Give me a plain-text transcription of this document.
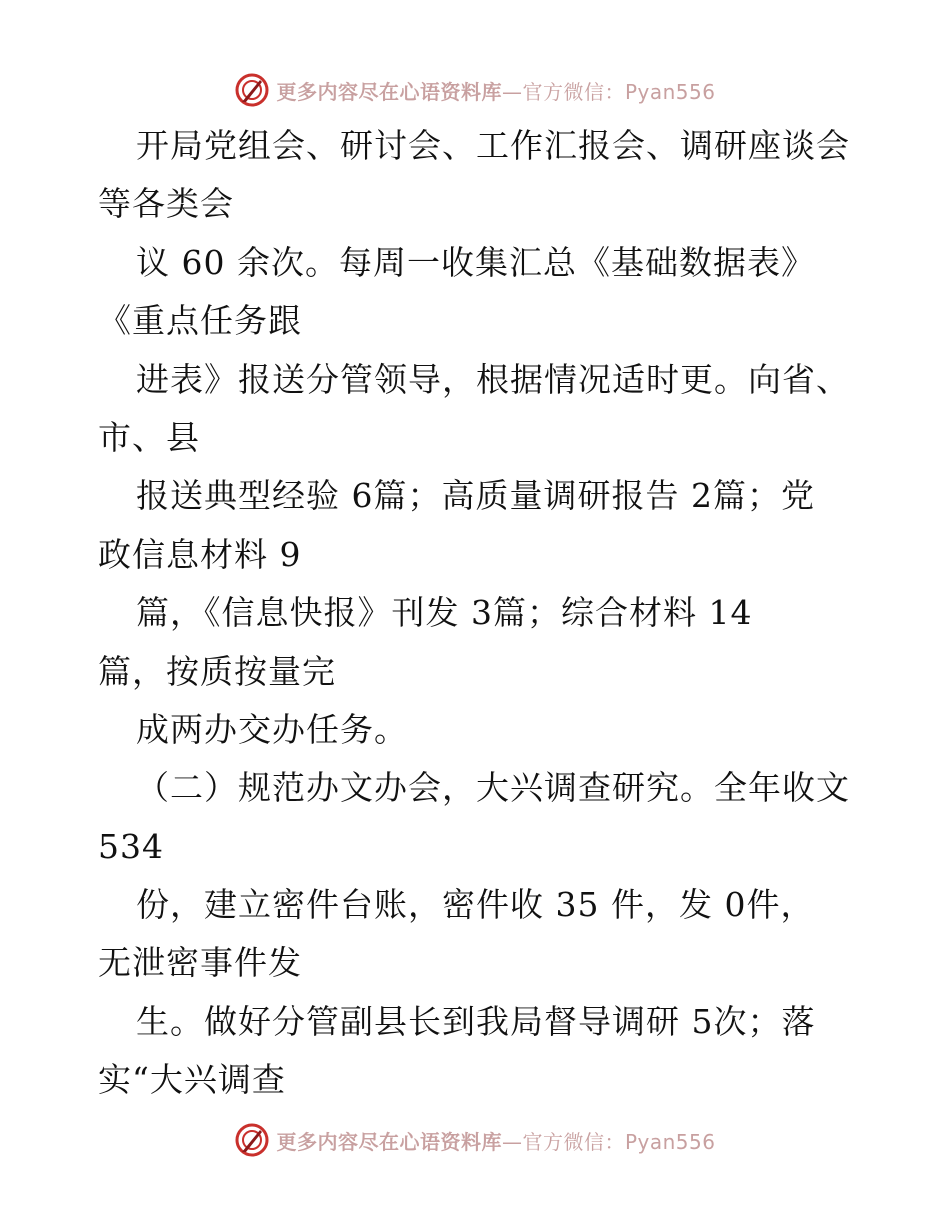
更多内容尽在心语资料库—官方微信：Pyan556
开局党组会、研讨会、工作汇报会、调研座谈会
等各类会
议 60 余次。每周一收集汇总《基础数据表》
《重点任务跟
进表》报送分管领导，根据情况适时更。向省、
市、县
报送典型经验 6篇；高质量调研报告 2篇；党
政信息材料 9
篇，《信息快报》刊发 3篇；综合材料 14
篇，按质按量完
成两办交办任务。
（二）规范办文办会，大兴调查研究。全年收文
534
份，建立密件台账，密件收 35 件，发 0件，
无泄密事件发
生。做好分管副县长到我局督导调研 5次；落
实“大兴调查
更多内容尽在心语资料库—官方微信：Pyan556
